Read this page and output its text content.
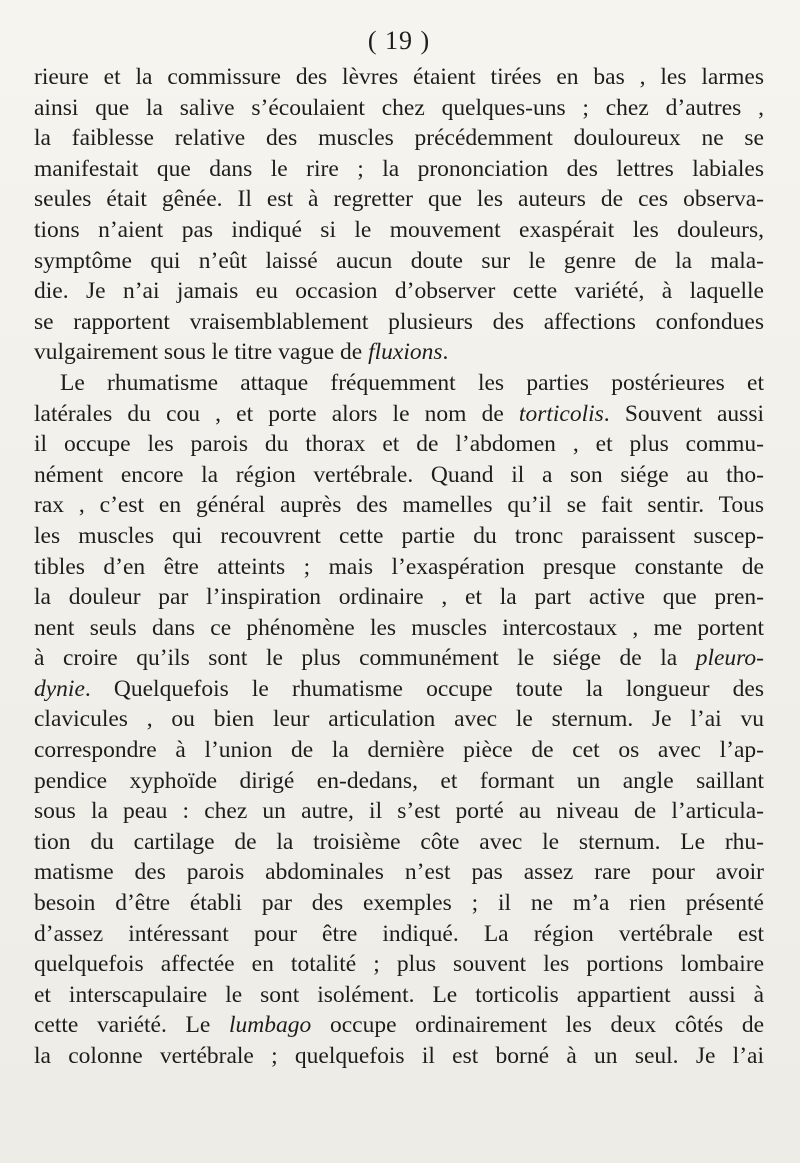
( 19 )

rieure et la commissure des lèvres étaient tirées en bas , les larmes

ainsi que la salive s’écoulaient chez quelques-uns ; chez d’autres ,

la faiblesse relative des muscles précédemment douloureux ne se

manifestait que dans le rire ; la prononciation des lettres labiales

seules était gênée. Il est à regretter que les auteurs de ces observa-

tions n’aient pas indiqué si le mouvement exaspérait les douleurs,

symptôme qui n’eût laissé aucun doute sur le genre de la mala-

die. Je n’ai jamais eu occasion d’observer cette variété, à laquelle

se rapportent vraisemblablement plusieurs des affections confondues

vulgairement sous le titre vague de fluxions.

Le rhumatisme attaque fréquemment les parties postérieures et

latérales du cou , et porte alors le nom de torticolis. Souvent aussi

il occupe les parois du thorax et de l’abdomen , et plus commu-

nément encore la région vertébrale. Quand il a son siége au tho-

rax , c’est en général auprès des mamelles qu’il se fait sentir. Tous

les muscles qui recouvrent cette partie du tronc paraissent suscep-

tibles d’en être atteints ; mais l’exaspération presque constante de

la douleur par l’inspiration ordinaire , et la part active que pren-

nent seuls dans ce phénomène les muscles intercostaux , me portent

à croire qu’ils sont le plus communément le siége de la pleuro-

dynie. Quelquefois le rhumatisme occupe toute la longueur des

clavicules , ou bien leur articulation avec le sternum. Je l’ai vu

correspondre à l’union de la dernière pièce de cet os avec l’ap-

pendice xyphoïde dirigé en-dedans, et formant un angle saillant

sous la peau : chez un autre, il s’est porté au niveau de l’articula-

tion du cartilage de la troisième côte avec le sternum. Le rhu-

matisme des parois abdominales n’est pas assez rare pour avoir

besoin d’être établi par des exemples ; il ne m’a rien présenté

d’assez intéressant pour être indiqué. La région vertébrale est

quelquefois affectée en totalité ; plus souvent les portions lombaire

et interscapulaire le sont isolément. Le torticolis appartient aussi à

cette variété. Le lumbago occupe ordinairement les deux côtés de

la colonne vertébrale ; quelquefois il est borné à un seul. Je l’ai
